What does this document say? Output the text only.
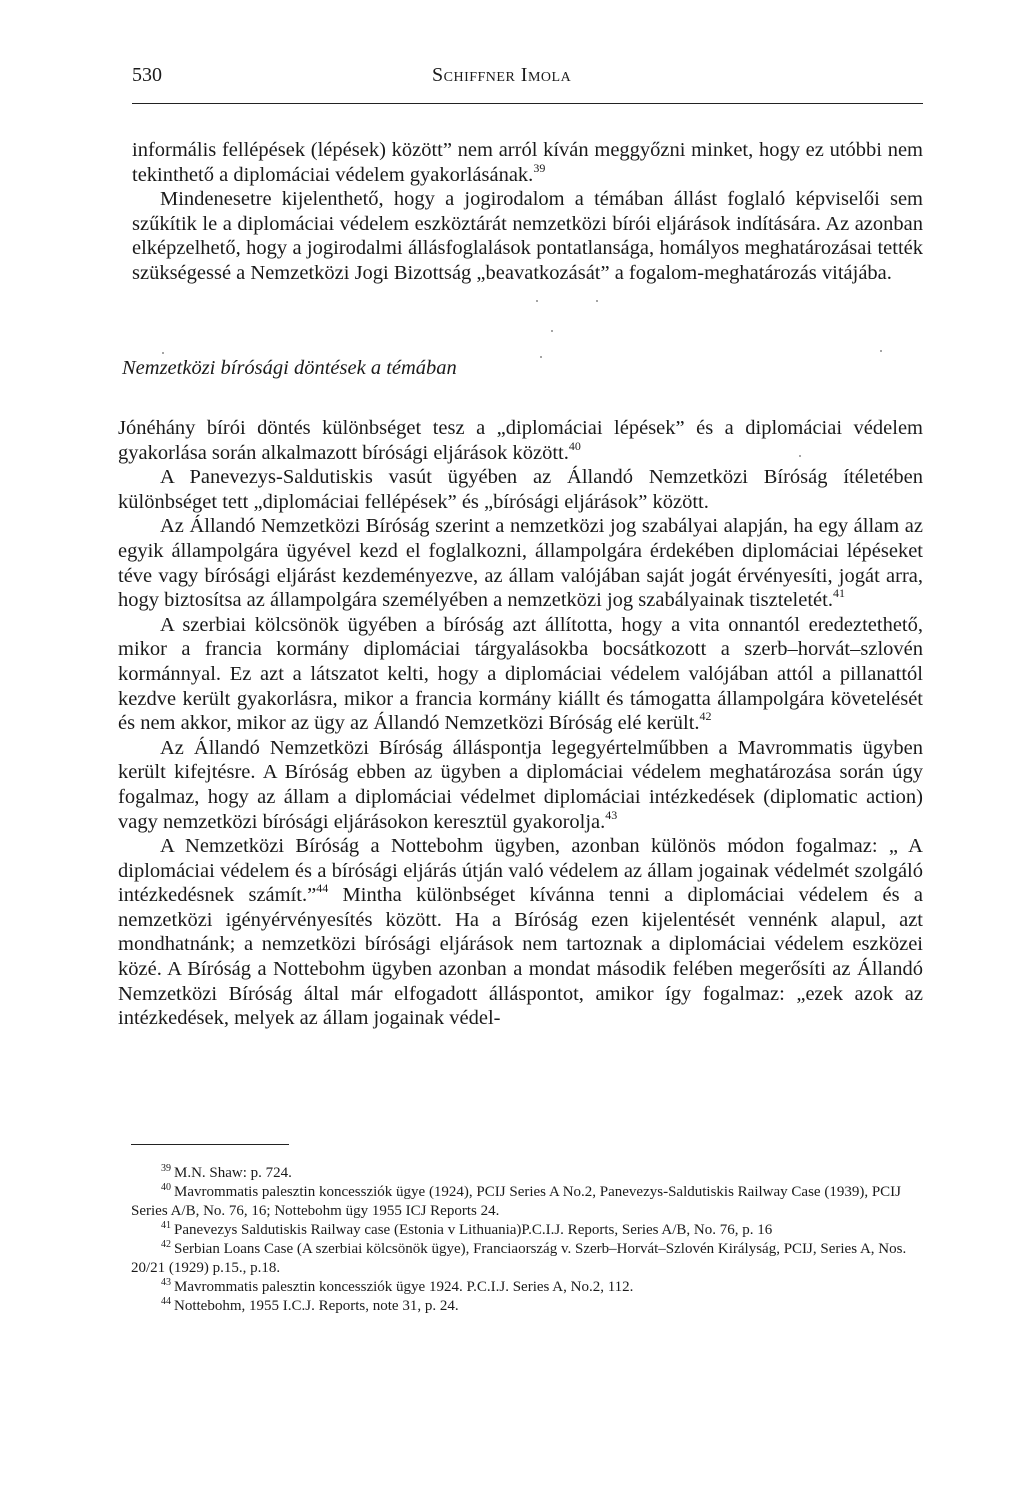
530	Schiffner Imola

informális fellépések (lépések) között” nem arról kíván meggyőzni minket, hogy ez utóbbi nem tekinthető a diplomáciai védelem gyakorlásának.$^{39}$

Mindenesetre kijelenthető, hogy a jogirodalom a témában állást foglaló képviselői sem szűkítik le a diplomáciai védelem eszköztárát nemzetközi bírói eljárások indítására. Az azonban elképzelhető, hogy a jogirodalmi állásfoglalások pontatlansága, homályos meghatározásai tették szükségessé a Nemzetközi Jogi Bizottság „beavatkozását” a fogalom-meghatározás vitájába.

Nemzetközi bírósági döntések a témában

Jónéhány bírói döntés különbséget tesz a „diplomáciai lépések” és a diplomáciai védelem gyakorlása során alkalmazott bírósági eljárások között.$^{40}$

A Panevezys-Saldutiskis vasút ügyében az Állandó Nemzetközi Bíróság ítéletében különbséget tett „diplomáciai fellépések” és „bírósági eljárások” között.

Az Állandó Nemzetközi Bíróság szerint a nemzetközi jog szabályai alapján, ha egy állam az egyik állampolgára ügyével kezd el foglalkozni, állampolgára érdekében diplomáciai lépéseket téve vagy bírósági eljárást kezdeményezve, az állam valójában saját jogát érvényesíti, jogát arra, hogy biztosítsa az állampolgára személyében a nemzetközi jog szabályainak tiszteletét.$^{41}$

A szerbiai kölcsönök ügyében a bíróság azt állította, hogy a vita onnantól eredeztethető, mikor a francia kormány diplomáciai tárgyalásokba bocsátkozott a szerb–horvát–szlovén kormánnyal. Ez azt a látszatot kelti, hogy a diplomáciai védelem valójában attól a pillanattól kezdve került gyakorlásra, mikor a francia kormány kiállt és támogatta állampolgára követelését és nem akkor, mikor az ügy az Állandó Nemzetközi Bíróság elé került.$^{42}$

Az Állandó Nemzetközi Bíróság álláspontja legegyértelműbben a Mavrommatis ügyben került kifejtésre. A Bíróság ebben az ügyben a diplomáciai védelem meghatározása során úgy fogalmaz, hogy az állam a diplomáciai védelmet diplomáciai intézkedések (diplomatic action) vagy nemzetközi bírósági eljárásokon keresztül gyakorolja.$^{43}$

A Nemzetközi Bíróság a Nottebohm ügyben, azonban különös módon fogalmaz: „ A diplomáciai védelem és a bírósági eljárás útján való védelem az állam jogainak védelmét szolgáló intézkedésnek számít.”$^{44}$ Mintha különbséget kívánna tenni a diplomáciai védelem és a nemzetközi igényérvényesítés között. Ha a Bíróság ezen kijelentését vennénk alapul, azt mondhatnánk; a nemzetközi bírósági eljárások nem tartoznak a diplomáciai védelem eszközei közé. A Bíróság a Nottebohm ügyben azonban a mondat második felében megerősíti az Állandó Nemzetközi Bíróság által már elfogadott álláspontot, amikor így fogalmaz: „ezek azok az intézkedések, melyek az állam jogainak védel-

$^{39}$ M.N. Shaw: p. 724.

$^{40}$ Mavrommatis palesztin koncessziók ügye (1924), PCIJ Series A No.2, Panevezys-Saldutiskis Railway Case (1939), PCIJ Series A/B, No. 76, 16; Nottebohm ügy 1955 ICJ Reports 24.

$^{41}$ Panevezys Saldutiskis Railway case (Estonia v Lithuania)P.C.I.J. Reports, Series A/B, No. 76, p. 16

$^{42}$ Serbian Loans Case (A szerbiai kölcsönök ügye), Franciaország v. Szerb–Horvát–Szlovén Királyság, PCIJ, Series A, Nos. 20/21 (1929) p.15., p.18.

$^{43}$ Mavrommatis palesztin koncessziók ügye 1924. P.C.I.J. Series A, No.2, 112.

$^{44}$ Nottebohm, 1955 I.C.J. Reports, note 31, p. 24.
